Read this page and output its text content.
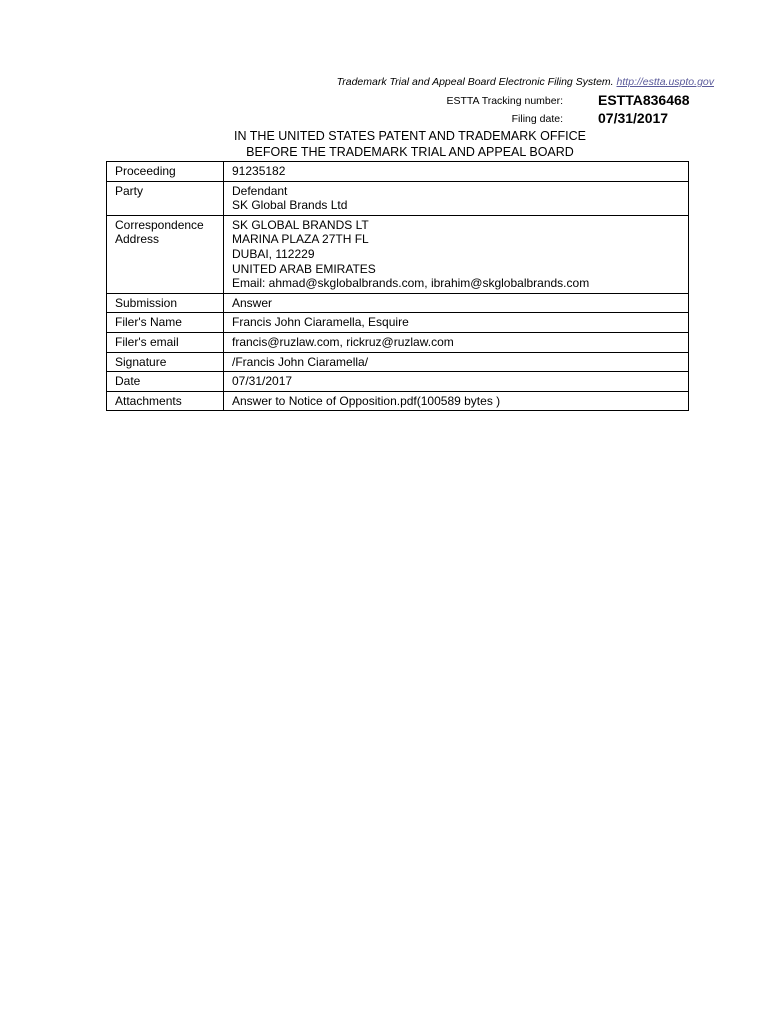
Trademark Trial and Appeal Board Electronic Filing System. http://estta.uspto.gov
ESTTA Tracking number:	ESTTA836468
Filing date:	07/31/2017
IN THE UNITED STATES PATENT AND TRADEMARK OFFICE
BEFORE THE TRADEMARK TRIAL AND APPEAL BOARD
Proceeding	91235182
Party	Defendant
SK Global Brands Ltd

Correspondence
Address	SK GLOBAL BRANDS LT
MARINA PLAZA 27TH FL
DUBAI, 112229
UNITED ARAB EMIRATES
Email: ahmad@skglobalbrands.com, ibrahim@skglobalbrands.com

Submission	Answer
Filer's Name	Francis John Ciaramella, Esquire
Filer's email	francis@ruzlaw.com, rickruz@ruzlaw.com
Signature	/Francis John Ciaramella/
Date	07/31/2017
Attachments	Answer to Notice of Opposition.pdf(100589 bytes )
